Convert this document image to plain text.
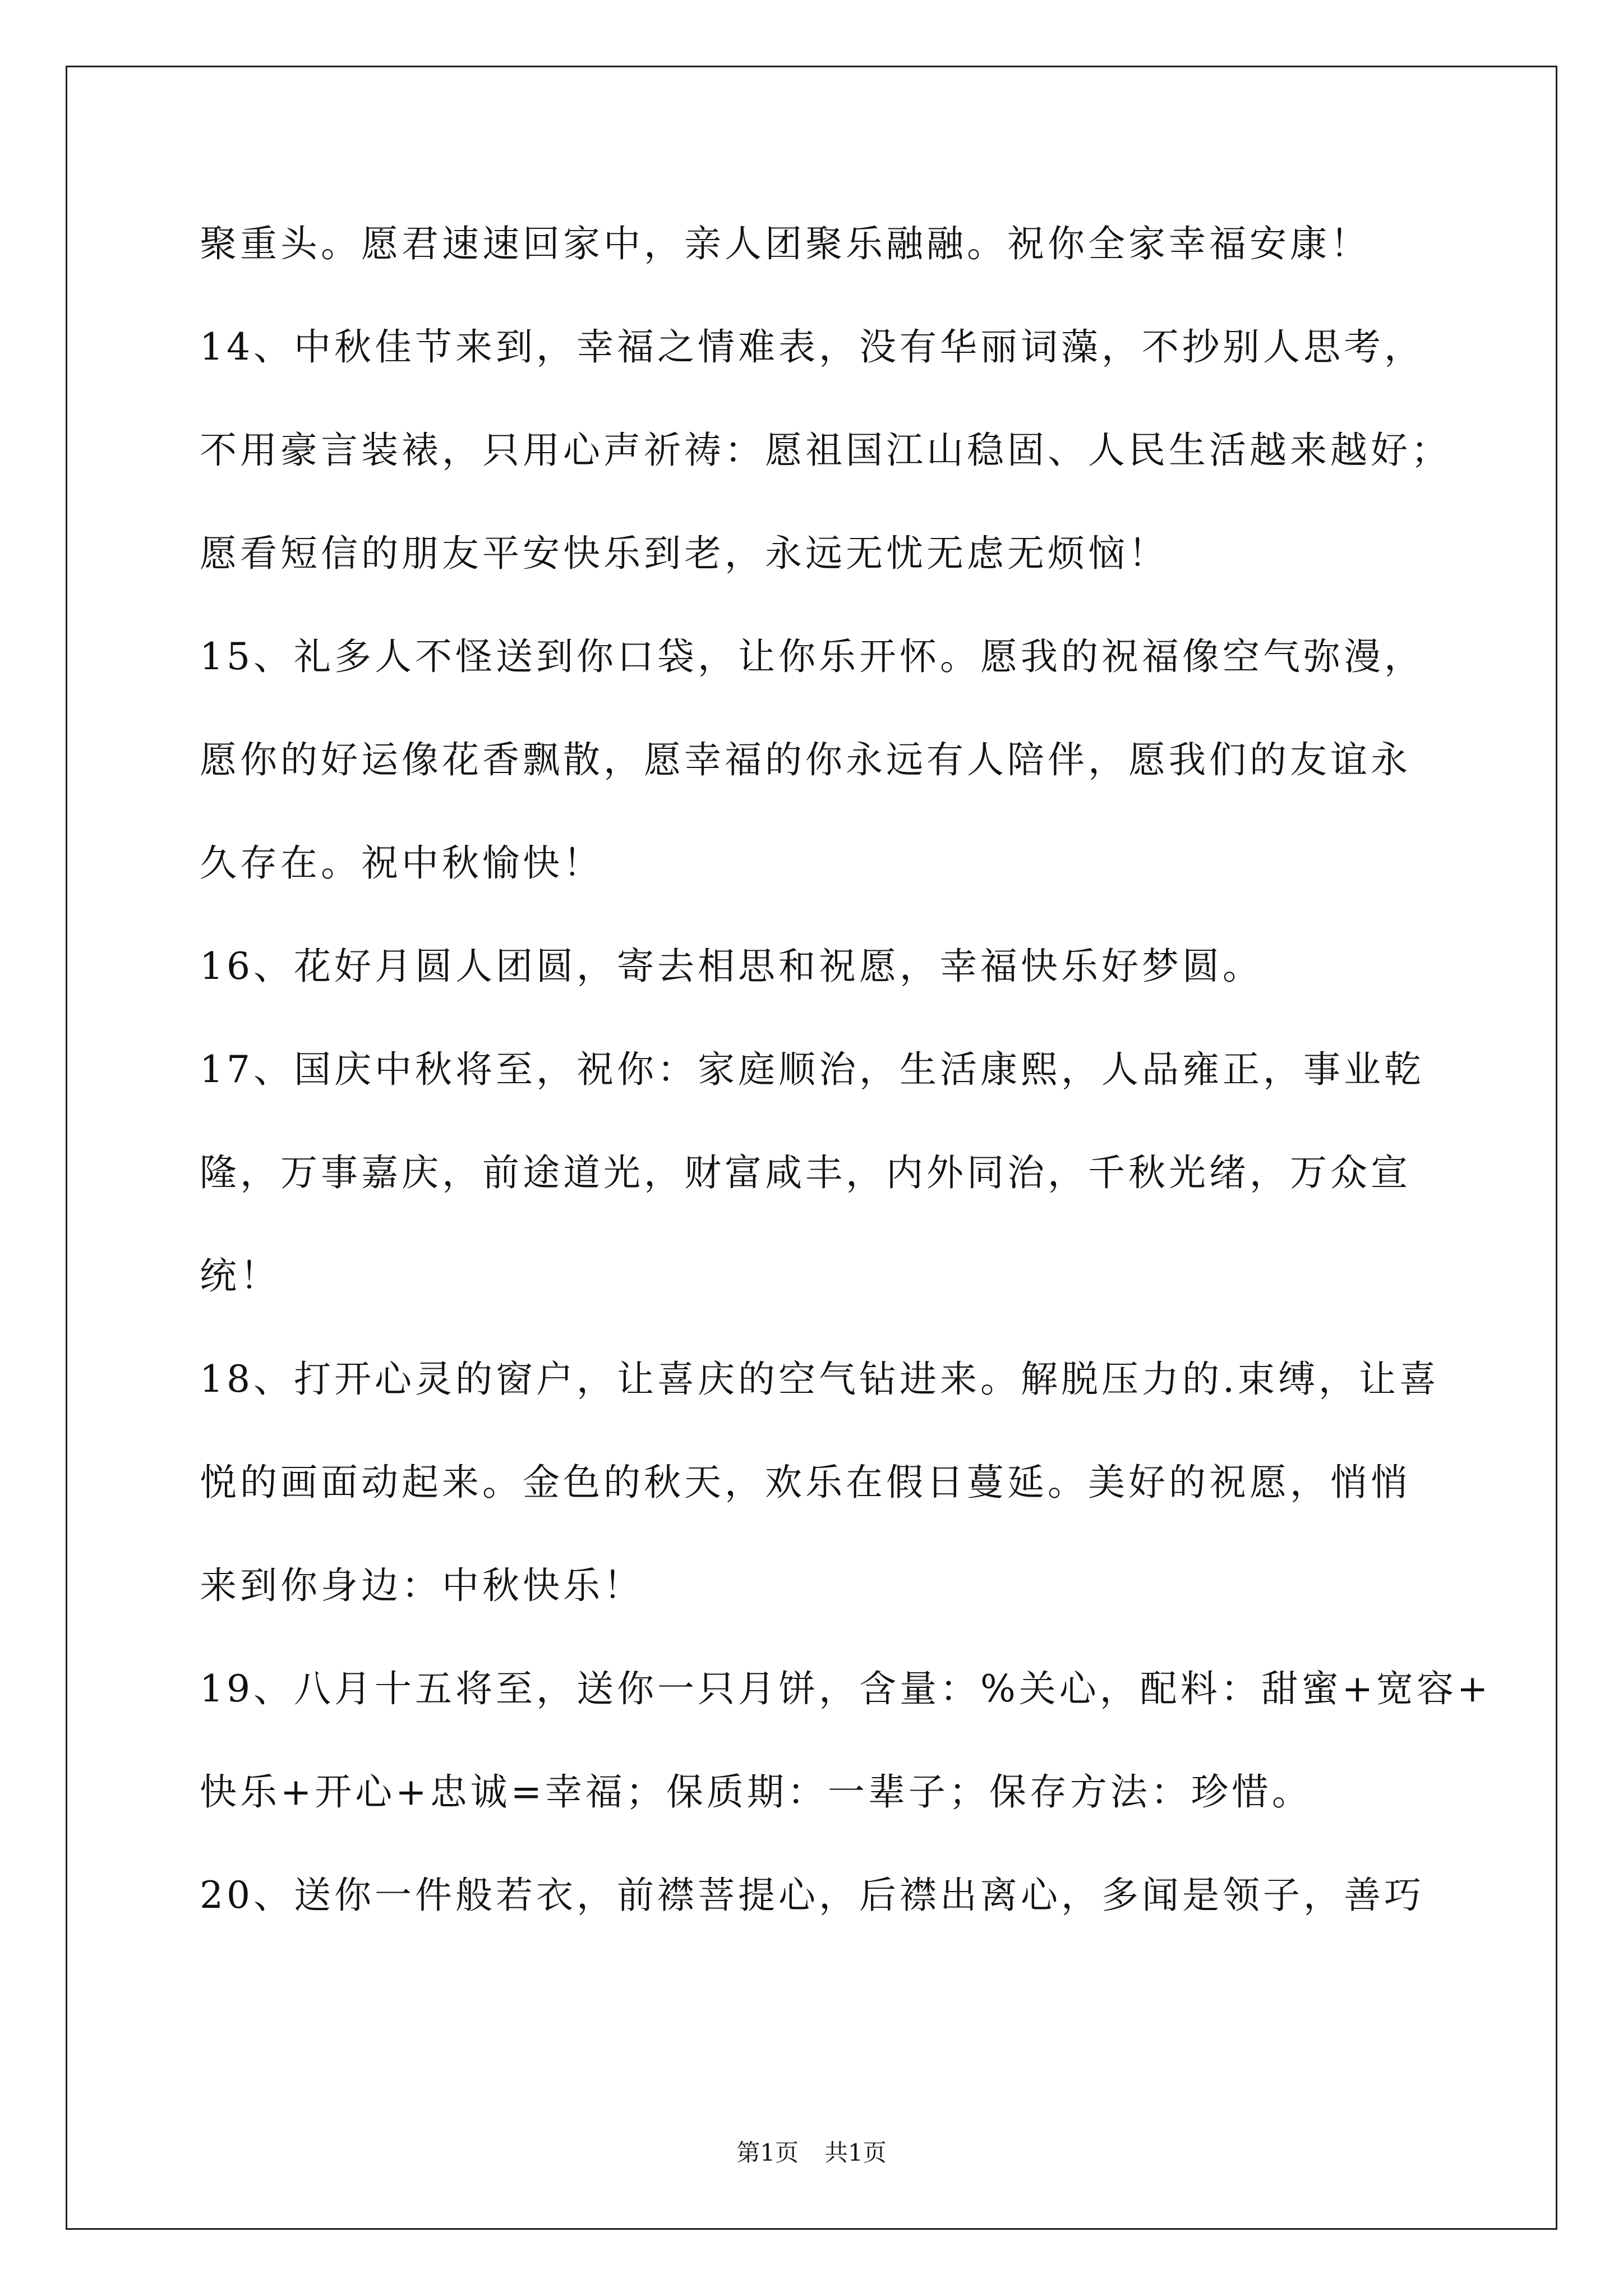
聚重头。愿君速速回家中，亲人团聚乐融融。祝你全家幸福安康！
14、中秋佳节来到，幸福之情难表，没有华丽词藻，不抄别人思考，
不用豪言装裱，只用心声祈祷：愿祖国江山稳固、人民生活越来越好；
愿看短信的朋友平安快乐到老，永远无忧无虑无烦恼！
15、礼多人不怪送到你口袋，让你乐开怀。愿我的祝福像空气弥漫，
愿你的好运像花香飘散，愿幸福的你永远有人陪伴，愿我们的友谊永
久存在。祝中秋愉快！
16、花好月圆人团圆，寄去相思和祝愿，幸福快乐好梦圆。
17、国庆中秋将至，祝你：家庭顺治，生活康熙，人品雍正，事业乾
隆，万事嘉庆，前途道光，财富咸丰，内外同治，千秋光绪，万众宣
统！
18、打开心灵的窗户，让喜庆的空气钻进来。解脱压力的.束缚，让喜
悦的画面动起来。金色的秋天，欢乐在假日蔓延。美好的祝愿，悄悄
来到你身边：中秋快乐！
19、八月十五将至，送你一只月饼，含量：%关心，配料：甜蜜+宽容+
快乐+开心+忠诚=幸福；保质期：一辈子；保存方法：珍惜。
20、送你一件般若衣，前襟菩提心，后襟出离心，多闻是领子，善巧
第1页 共1页
